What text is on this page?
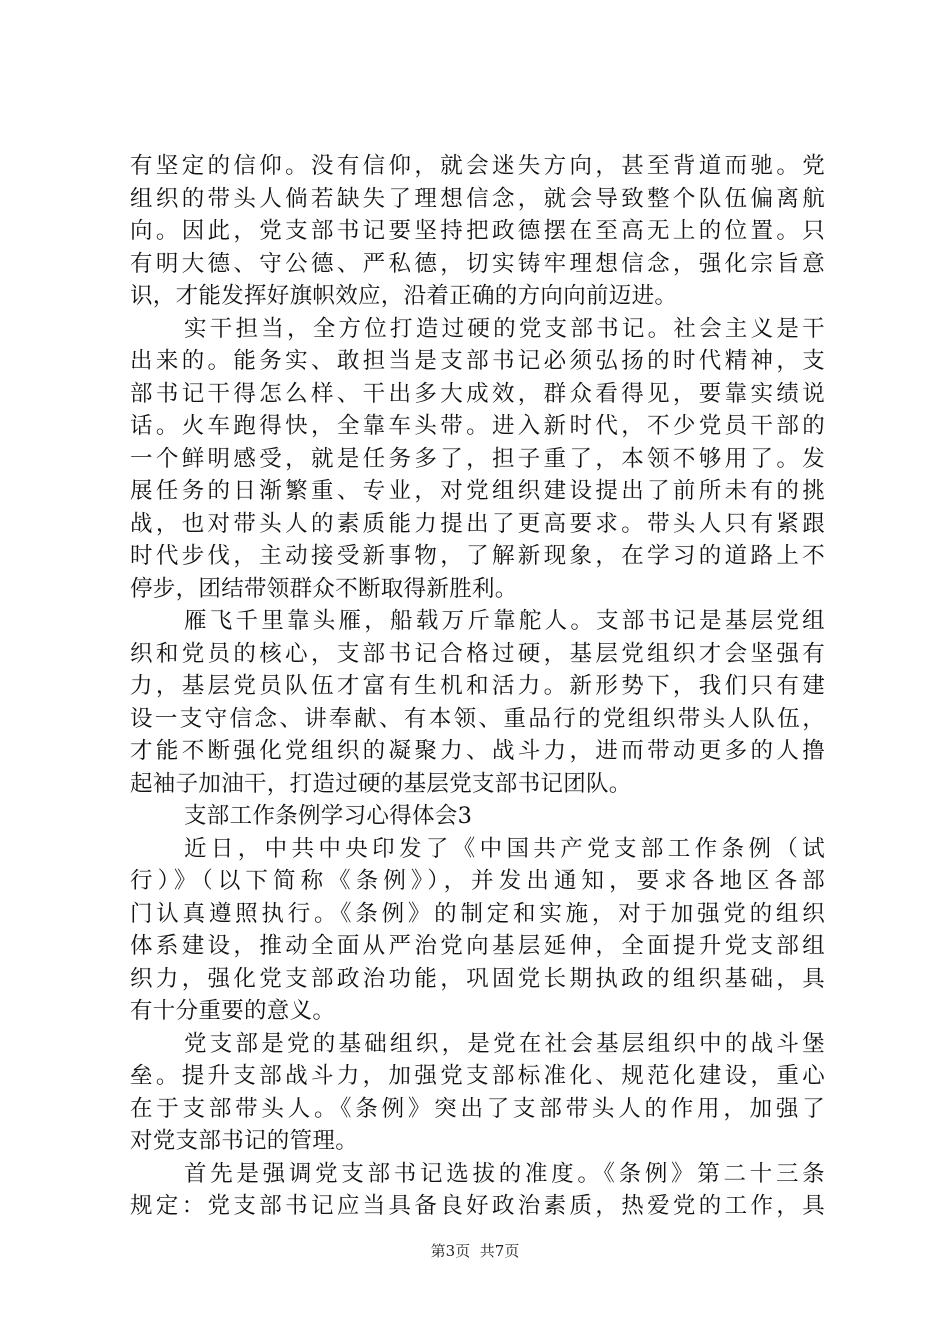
有坚定的信仰。没有信仰，就会迷失方向，甚至背道而驰。党
组织的带头人倘若缺失了理想信念，就会导致整个队伍偏离航
向。因此，党支部书记要坚持把政德摆在至高无上的位置。只
有明大德、守公德、严私德，切实铸牢理想信念，强化宗旨意
识，才能发挥好旗帜效应，沿着正确的方向向前迈进。
实干担当，全方位打造过硬的党支部书记。社会主义是干
出来的。能务实、敢担当是支部书记必须弘扬的时代精神，支
部书记干得怎么样、干出多大成效，群众看得见，要靠实绩说
话。火车跑得快，全靠车头带。进入新时代，不少党员干部的
一个鲜明感受，就是任务多了，担子重了，本领不够用了。发
展任务的日渐繁重、专业，对党组织建设提出了前所未有的挑
战，也对带头人的素质能力提出了更高要求。带头人只有紧跟
时代步伐，主动接受新事物，了解新现象，在学习的道路上不
停步，团结带领群众不断取得新胜利。
雁飞千里靠头雁，船载万斤靠舵人。支部书记是基层党组
织和党员的核心，支部书记合格过硬，基层党组织才会坚强有
力，基层党员队伍才富有生机和活力。新形势下，我们只有建
设一支守信念、讲奉献、有本领、重品行的党组织带头人队伍，
才能不断强化党组织的凝聚力、战斗力，进而带动更多的人撸
起袖子加油干，打造过硬的基层党支部书记团队。
支部工作条例学习心得体会3
近日，中共中央印发了《中国共产党支部工作条例（试
行）》（以下简称《条例》），并发出通知，要求各地区各部
门认真遵照执行。《条例》的制定和实施，对于加强党的组织
体系建设，推动全面从严治党向基层延伸，全面提升党支部组
织力，强化党支部政治功能，巩固党长期执政的组织基础，具
有十分重要的意义。
党支部是党的基础组织，是党在社会基层组织中的战斗堡
垒。提升支部战斗力，加强党支部标准化、规范化建设，重心
在于支部带头人。《条例》突出了支部带头人的作用，加强了
对党支部书记的管理。
首先是强调党支部书记选拔的准度。《条例》第二十三条
规定：党支部书记应当具备良好政治素质，热爱党的工作，具
第3页  共7页
